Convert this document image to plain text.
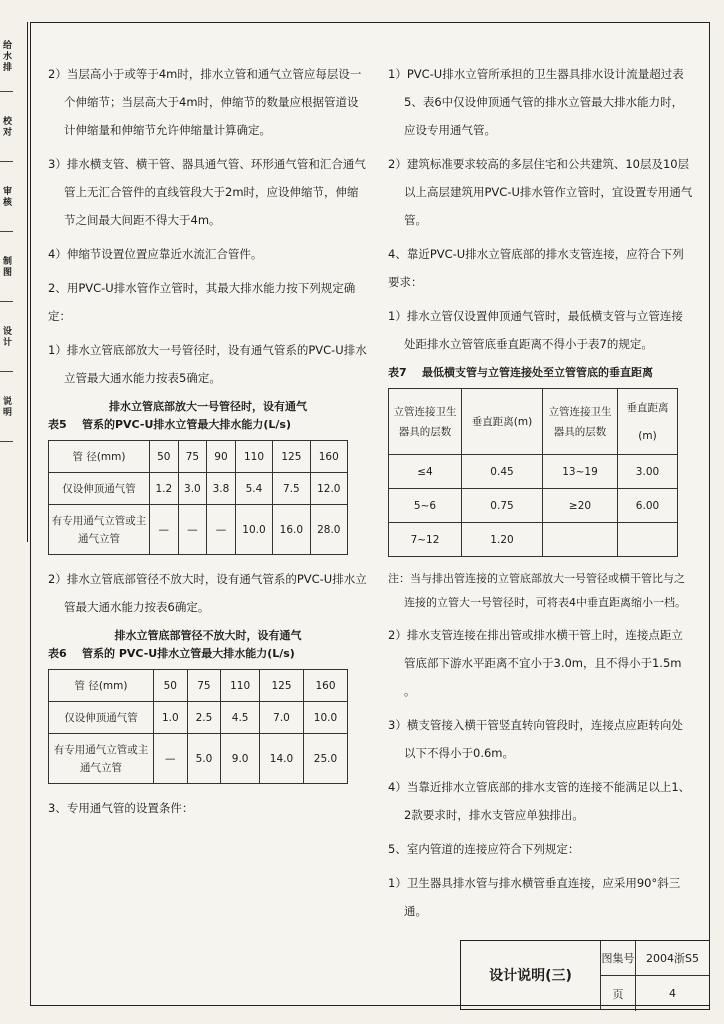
给水排
校对
审核
制图
设计
说明

2）当层高小于或等于4m时，排水立管和通气立管应每层设一个伸缩节；当层高大于4m时，伸缩节的数量应根据管道设计伸缩量和伸缩节允许伸缩量计算确定。

3）排水横支管、横干管、器具通气管、环形通气管和汇合通气管上无汇合管件的直线管段大于2m时，应设伸缩节，伸缩节之间最大间距不得大于4m。

4）伸缩节设置位置应靠近水流汇合管件。

2、用PVC-U排水管作立管时，其最大排水能力按下列规定确定：

1）排水立管底部放大一号管径时，设有通气管系的PVC-U排水立管最大通水能力按表5确定。

排水立管底部放大一号管径时，设有通气
表5 管系的PVC-U排水立管最大排水能力(L/s)
管 径(mm)	50	75	90	110	125	160
仅设伸顶通气管	1.2	3.0	3.8	5.4	7.5	12.0
有专用通气立管或主通气立管	—	—	—	10.0	16.0	28.0

2）排水立管底部管径不放大时，设有通气管系的PVC-U排水立管最大通水能力按表6确定。

排水立管底部管径不放大时，设有通气
表6 管系的 PVC-U排水立管最大排水能力(L/s)
管 径(mm)	50	75	110	125	160
仅设伸顶通气管	1.0	2.5	4.5	7.0	10.0
有专用通气立管或主通气立管	—	5.0	9.0	14.0	25.0

3、专用通气管的设置条件：

1）PVC-U排水立管所承担的卫生器具排水设计流量超过表5、表6中仅设伸顶通气管的排水立管最大排水能力时，应设专用通气管。

2）建筑标准要求较高的多层住宅和公共建筑、10层及10层以上高层建筑用PVC-U排水管作立管时，宜设置专用通气管。

4、靠近PVC-U排水立管底部的排水支管连接，应符合下列要求：

1）排水立管仅设置伸顶通气管时，最低横支管与立管连接处距排水立管管底垂直距离不得小于表7的规定。

表7 最低横支管与立管连接处至立管管底的垂直距离
立管连接卫生器具的层数	垂直距离(m)	立管连接卫生器具的层数	垂直距离(m)
≤4	0.45	13~19	3.00
5~6	0.75	≥20	6.00
7~12	1.20		

注：当与排出管连接的立管底部放大一号管径或横干管比与之连接的立管大一号管径时，可将表4中垂直距离缩小一档。

2）排水支管连接在排出管或排水横干管上时，连接点距立管底部下游水平距离不宜小于3.0m，且不得小于1.5m 。

3）横支管接入横干管竖直转向管段时，连接点应距转向处以下不得小于0.6m。

4）当靠近排水立管底部的排水支管的连接不能满足以上1、2款要求时，排水支管应单独排出。

5、室内管道的连接应符合下列规定：

1）卫生器具排水管与排水横管垂直连接，应采用90°斜三通。

设计说明(三)
图集号	2004浙S5
页	4
